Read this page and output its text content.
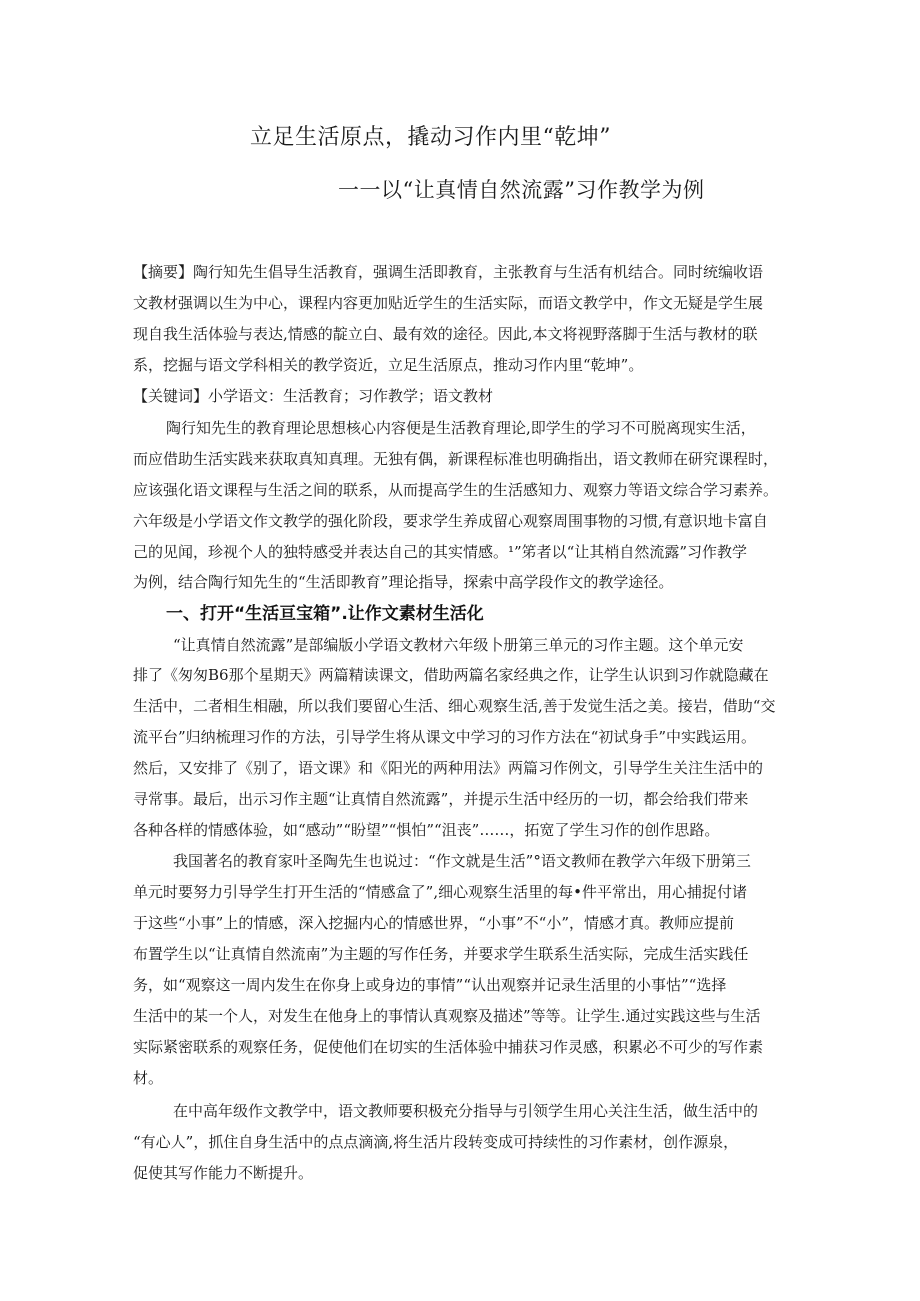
立足生活原点，撬动习作内里“乾坤”
一一以“让真情自然流露”习作教学为例
【摘要】陶行知先生倡导生活教育，强调生活即教育，主张教育与生活有机结合。同时统编收语
文教材强调以生为中心，课程内容更加贴近学生的生活实际，而语文教学中，作文无疑是学生展
现自我生活体验与表达,情感的靛立白、最有效的途径。因此,本文将视野落脚于生活与教材的联
系，挖掘与语文学科相关的教学资近，立足生活原点，推动习作内里“乾坤”。
【关键词】小学语文：生活教育；习作教学；语文教材
陶行知先生的教育理论思想核心内容便是生活教育理论,即学生的学习不可脱离现实生活，
而应借助生活实践来获取真知真理。无独有偶，新课程标准也明确指出，语文教师在研究课程时，
应该强化语文课程与生活之间的联系，从而提高学生的生活感知力、观察力等语文综合学习素养。
六年级是小学语文作文教学的强化阶段，要求学生养成留心观察周围事物的习惯,有意识地卡富自
己的见闻，珍视个人的独特感受并表达自己的其实情感。¹”笫者以“让其梢自然流露”习作教学
为例，结合陶行知先生的“生活即教育”理论指导，探索中高学段作文的教学途径。
一、打开“生活亘宝箱”.让作文素材生活化
“让真情自然流露”是部编版小学语文教材六年级卜册第三单元的习作主题。这个单元安
排了《匆匆B6那个星期天》两篇精读课文，借助两篇名家经典之作，让学生认识到习作就隐藏在
生活中，二者相生相融，所以我们要留心生活、细心观察生活,善于发觉生活之美。接岩，借助“交
流平台”归纳梳理习作的方法，引导学生将从课文中学习的习作方法在“初试身手”中实践运用。
然后，又安排了《别了，语文课》和《阳光的两种用法》两篇习作例文，引导学生关注生活中的
寻常事。最后，出示习作主题“让真情自然流露”，并提示生活中经历的一切，都会给我们带来
各种各样的情感体验，如“感动”“盼望”“惧怕”“沮丧”……，拓宽了学生习作的创作思路。
我国著名的教育家叶圣陶先生也说过：“作文就是生活”°语文教师在教学六年级下册第三
单元时要努力引导学生打开生活的“情感盒了”,细心观察生活里的每•件平常出，用心捕捉付诸
于这些“小事”上的情感，深入挖掘内心的情感世界，“小事”不“小”，情感才真。教师应提前
布置学生以“让真情自然流南”为主题的写作任务，并要求学生联系生活实际，完成生活实践任
务，如“观察这一周内发生在你身上或身边的事情”“认出观察并记录生活里的小事怙”“选择
生活中的某一个人，对发生在他身上的事情认真观察及描述”等等。让学生.通过实践这些与生活
实际紧密联系的观察任务，促使他们在切实的生活体验中捕获习作灵感，积累必不可少的写作素
材。
在中高年级作文教学中，语文教师要积极充分指导与引领学生用心关注生活，做生活中的
“有心人”，抓住自身生活中的点点滴滴,将生活片段转变成可持续性的习作素材，创作源泉，
促使其写作能力不断提升。
